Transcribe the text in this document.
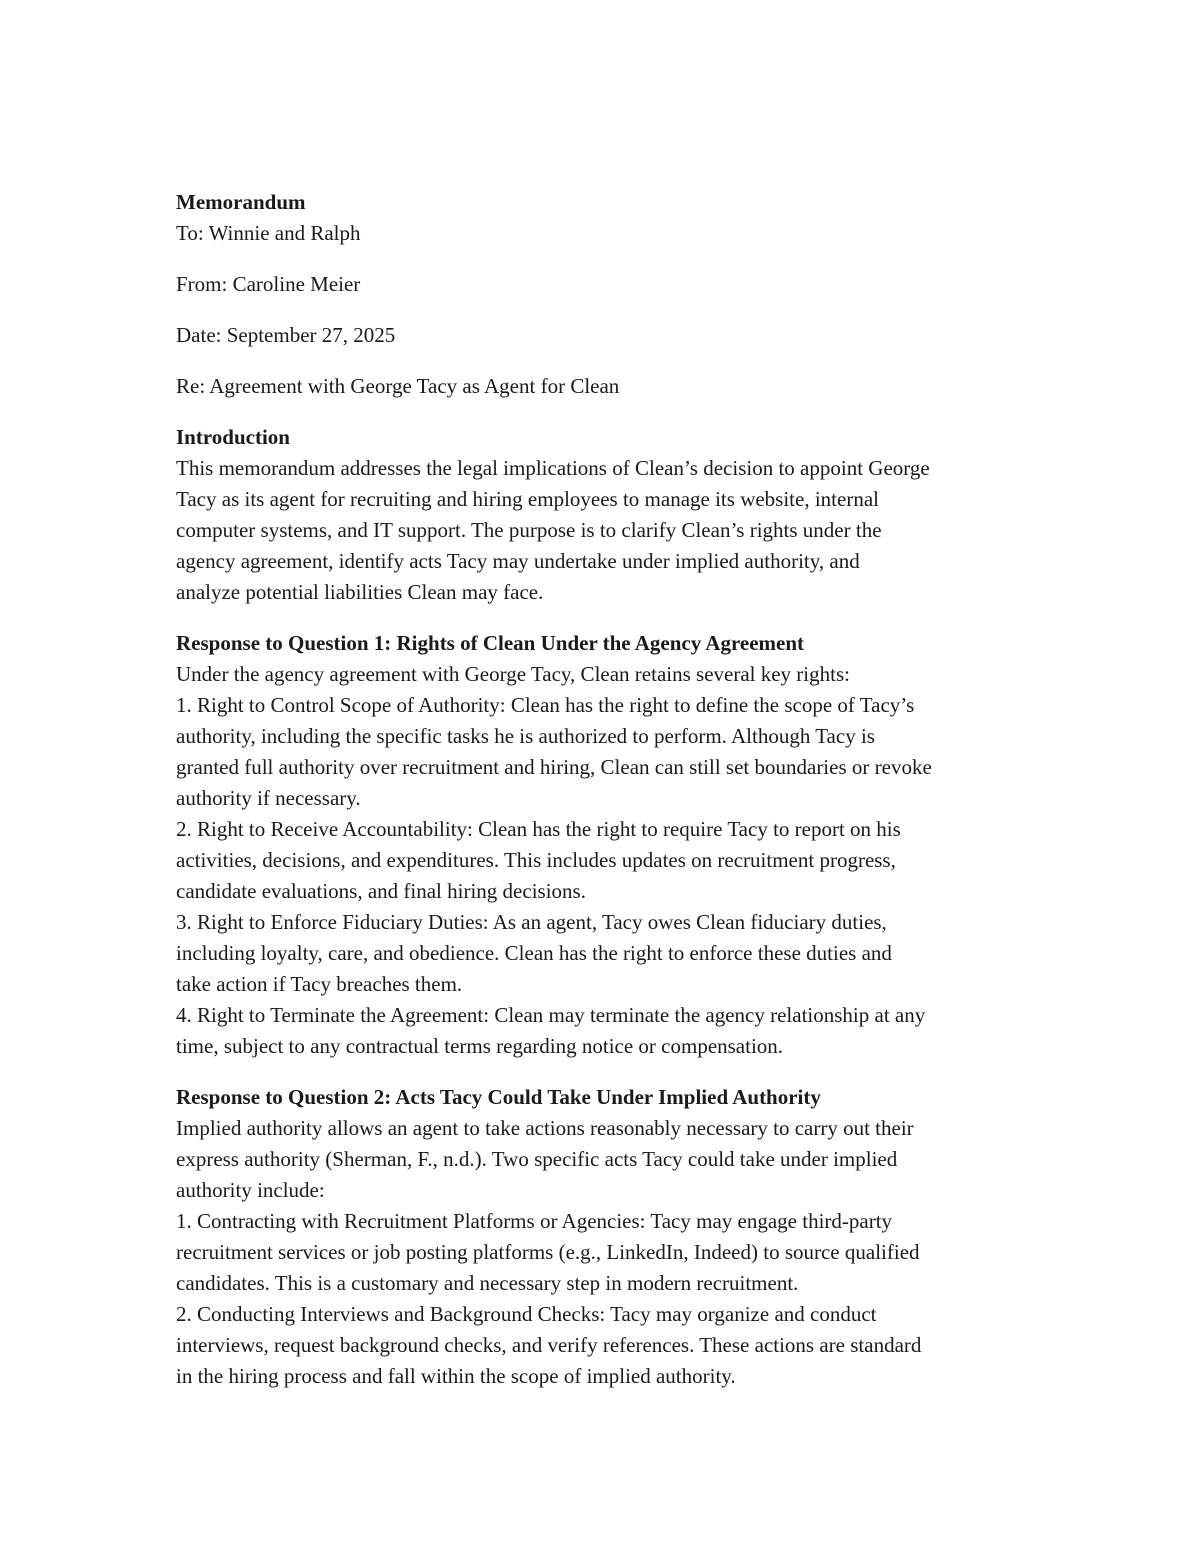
Memorandum
To: Winnie and Ralph
From: Caroline Meier
Date: September 27, 2025
Re: Agreement with George Tacy as Agent for Clean
Introduction
This memorandum addresses the legal implications of Clean’s decision to appoint George
Tacy as its agent for recruiting and hiring employees to manage its website, internal
computer systems, and IT support. The purpose is to clarify Clean’s rights under the
agency agreement, identify acts Tacy may undertake under implied authority, and
analyze potential liabilities Clean may face.
Response to Question 1: Rights of Clean Under the Agency Agreement
Under the agency agreement with George Tacy, Clean retains several key rights:
1. Right to Control Scope of Authority: Clean has the right to define the scope of Tacy’s
authority, including the specific tasks he is authorized to perform. Although Tacy is
granted full authority over recruitment and hiring, Clean can still set boundaries or revoke
authority if necessary.
2. Right to Receive Accountability: Clean has the right to require Tacy to report on his
activities, decisions, and expenditures. This includes updates on recruitment progress,
candidate evaluations, and final hiring decisions.
3. Right to Enforce Fiduciary Duties: As an agent, Tacy owes Clean fiduciary duties,
including loyalty, care, and obedience. Clean has the right to enforce these duties and
take action if Tacy breaches them.
4. Right to Terminate the Agreement: Clean may terminate the agency relationship at any
time, subject to any contractual terms regarding notice or compensation.
Response to Question 2: Acts Tacy Could Take Under Implied Authority
Implied authority allows an agent to take actions reasonably necessary to carry out their
express authority (Sherman, F., n.d.). Two specific acts Tacy could take under implied
authority include:
1. Contracting with Recruitment Platforms or Agencies: Tacy may engage third-party
recruitment services or job posting platforms (e.g., LinkedIn, Indeed) to source qualified
candidates. This is a customary and necessary step in modern recruitment.
2. Conducting Interviews and Background Checks: Tacy may organize and conduct
interviews, request background checks, and verify references. These actions are standard
in the hiring process and fall within the scope of implied authority.
